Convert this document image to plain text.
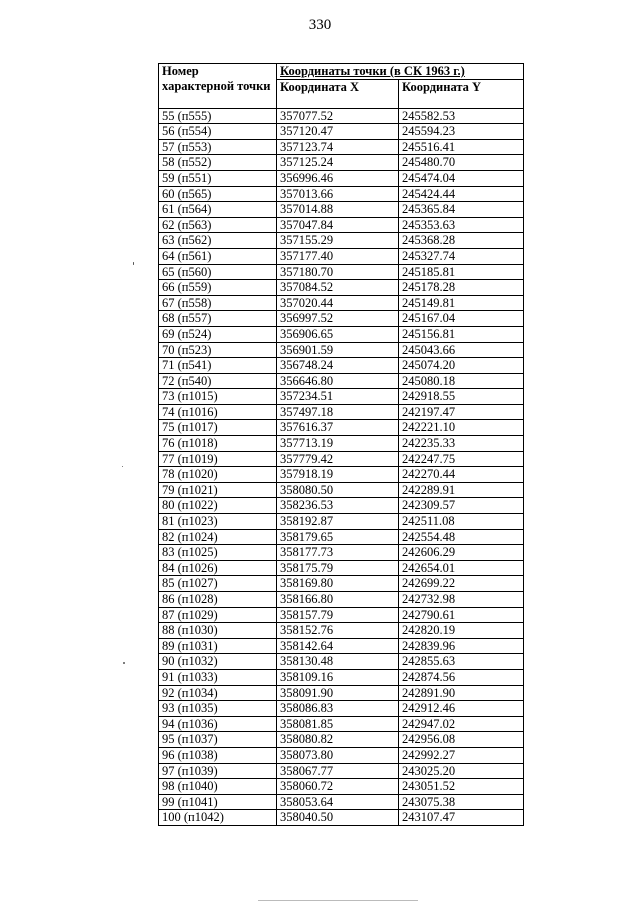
330
Номер характерной точки	Координаты точки (в СК 1963 г.)	
	Координата X	Координата Y
55 (п555)	357077.52	245582.53
56 (п554)	357120.47	245594.23
57 (п553)	357123.74	245516.41
58 (п552)	357125.24	245480.70
59 (п551)	356996.46	245474.04
60 (п565)	357013.66	245424.44
61 (п564)	357014.88	245365.84
62 (п563)	357047.84	245353.63
63 (п562)	357155.29	245368.28
64 (п561)	357177.40	245327.74
65 (п560)	357180.70	245185.81
66 (п559)	357084.52	245178.28
67 (п558)	357020.44	245149.81
68 (п557)	356997.52	245167.04
69 (п524)	356906.65	245156.81
70 (п523)	356901.59	245043.66
71 (п541)	356748.24	245074.20
72 (п540)	356646.80	245080.18
73 (п1015)	357234.51	242918.55
74 (п1016)	357497.18	242197.47
75 (п1017)	357616.37	242221.10
76 (п1018)	357713.19	242235.33
77 (п1019)	357779.42	242247.75
78 (п1020)	357918.19	242270.44
79 (п1021)	358080.50	242289.91
80 (п1022)	358236.53	242309.57
81 (п1023)	358192.87	242511.08
82 (п1024)	358179.65	242554.48
83 (п1025)	358177.73	242606.29
84 (п1026)	358175.79	242654.01
85 (п1027)	358169.80	242699.22
86 (п1028)	358166.80	242732.98
87 (п1029)	358157.79	242790.61
88 (п1030)	358152.76	242820.19
89 (п1031)	358142.64	242839.96
90 (п1032)	358130.48	242855.63
91 (п1033)	358109.16	242874.56
92 (п1034)	358091.90	242891.90
93 (п1035)	358086.83	242912.46
94 (п1036)	358081.85	242947.02
95 (п1037)	358080.82	242956.08
96 (п1038)	358073.80	242992.27
97 (п1039)	358067.77	243025.20
98 (п1040)	358060.72	243051.52
99 (п1041)	358053.64	243075.38
100 (п1042)	358040.50	243107.47
